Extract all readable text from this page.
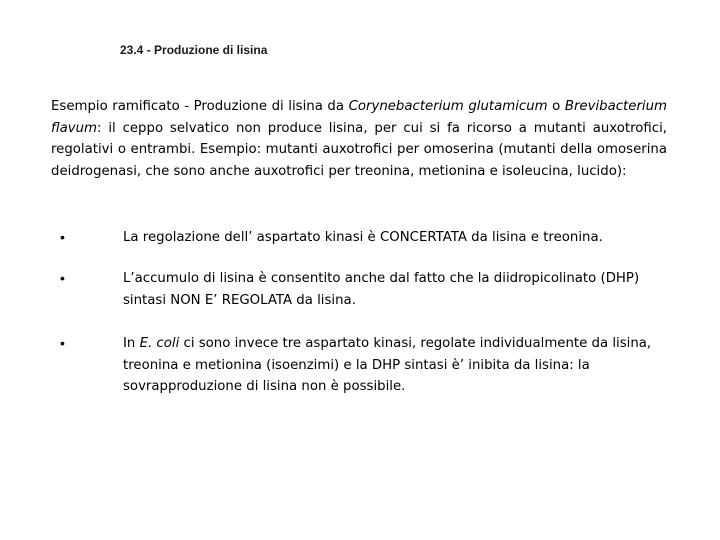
23.4 - Produzione di lisina
Esempio ramificato - Produzione di lisina da Corynebacterium glutamicum o Brevibacterium flavum: il ceppo selvatico non produce lisina, per cui si fa ricorso a mutanti auxotrofici, regolativi o entrambi. Esempio: mutanti auxotrofici per omoserina (mutanti della omoserina deidrogenasi, che sono anche auxotrofici per treonina, metionina e isoleucina, lucido):
•	La regolazione dell’ aspartato kinasi è CONCERTATA da lisina e treonina.
•	L’accumulo di lisina è consentito anche dal fatto che la diidropicolinato (DHP) sintasi NON E’ REGOLATA da lisina.
•	In E. coli ci sono invece tre aspartato kinasi, regolate individualmente da lisina, treonina e metionina (isoenzimi) e la DHP sintasi è’ inibita da lisina: la sovrapproduzione di lisina non è possibile.
